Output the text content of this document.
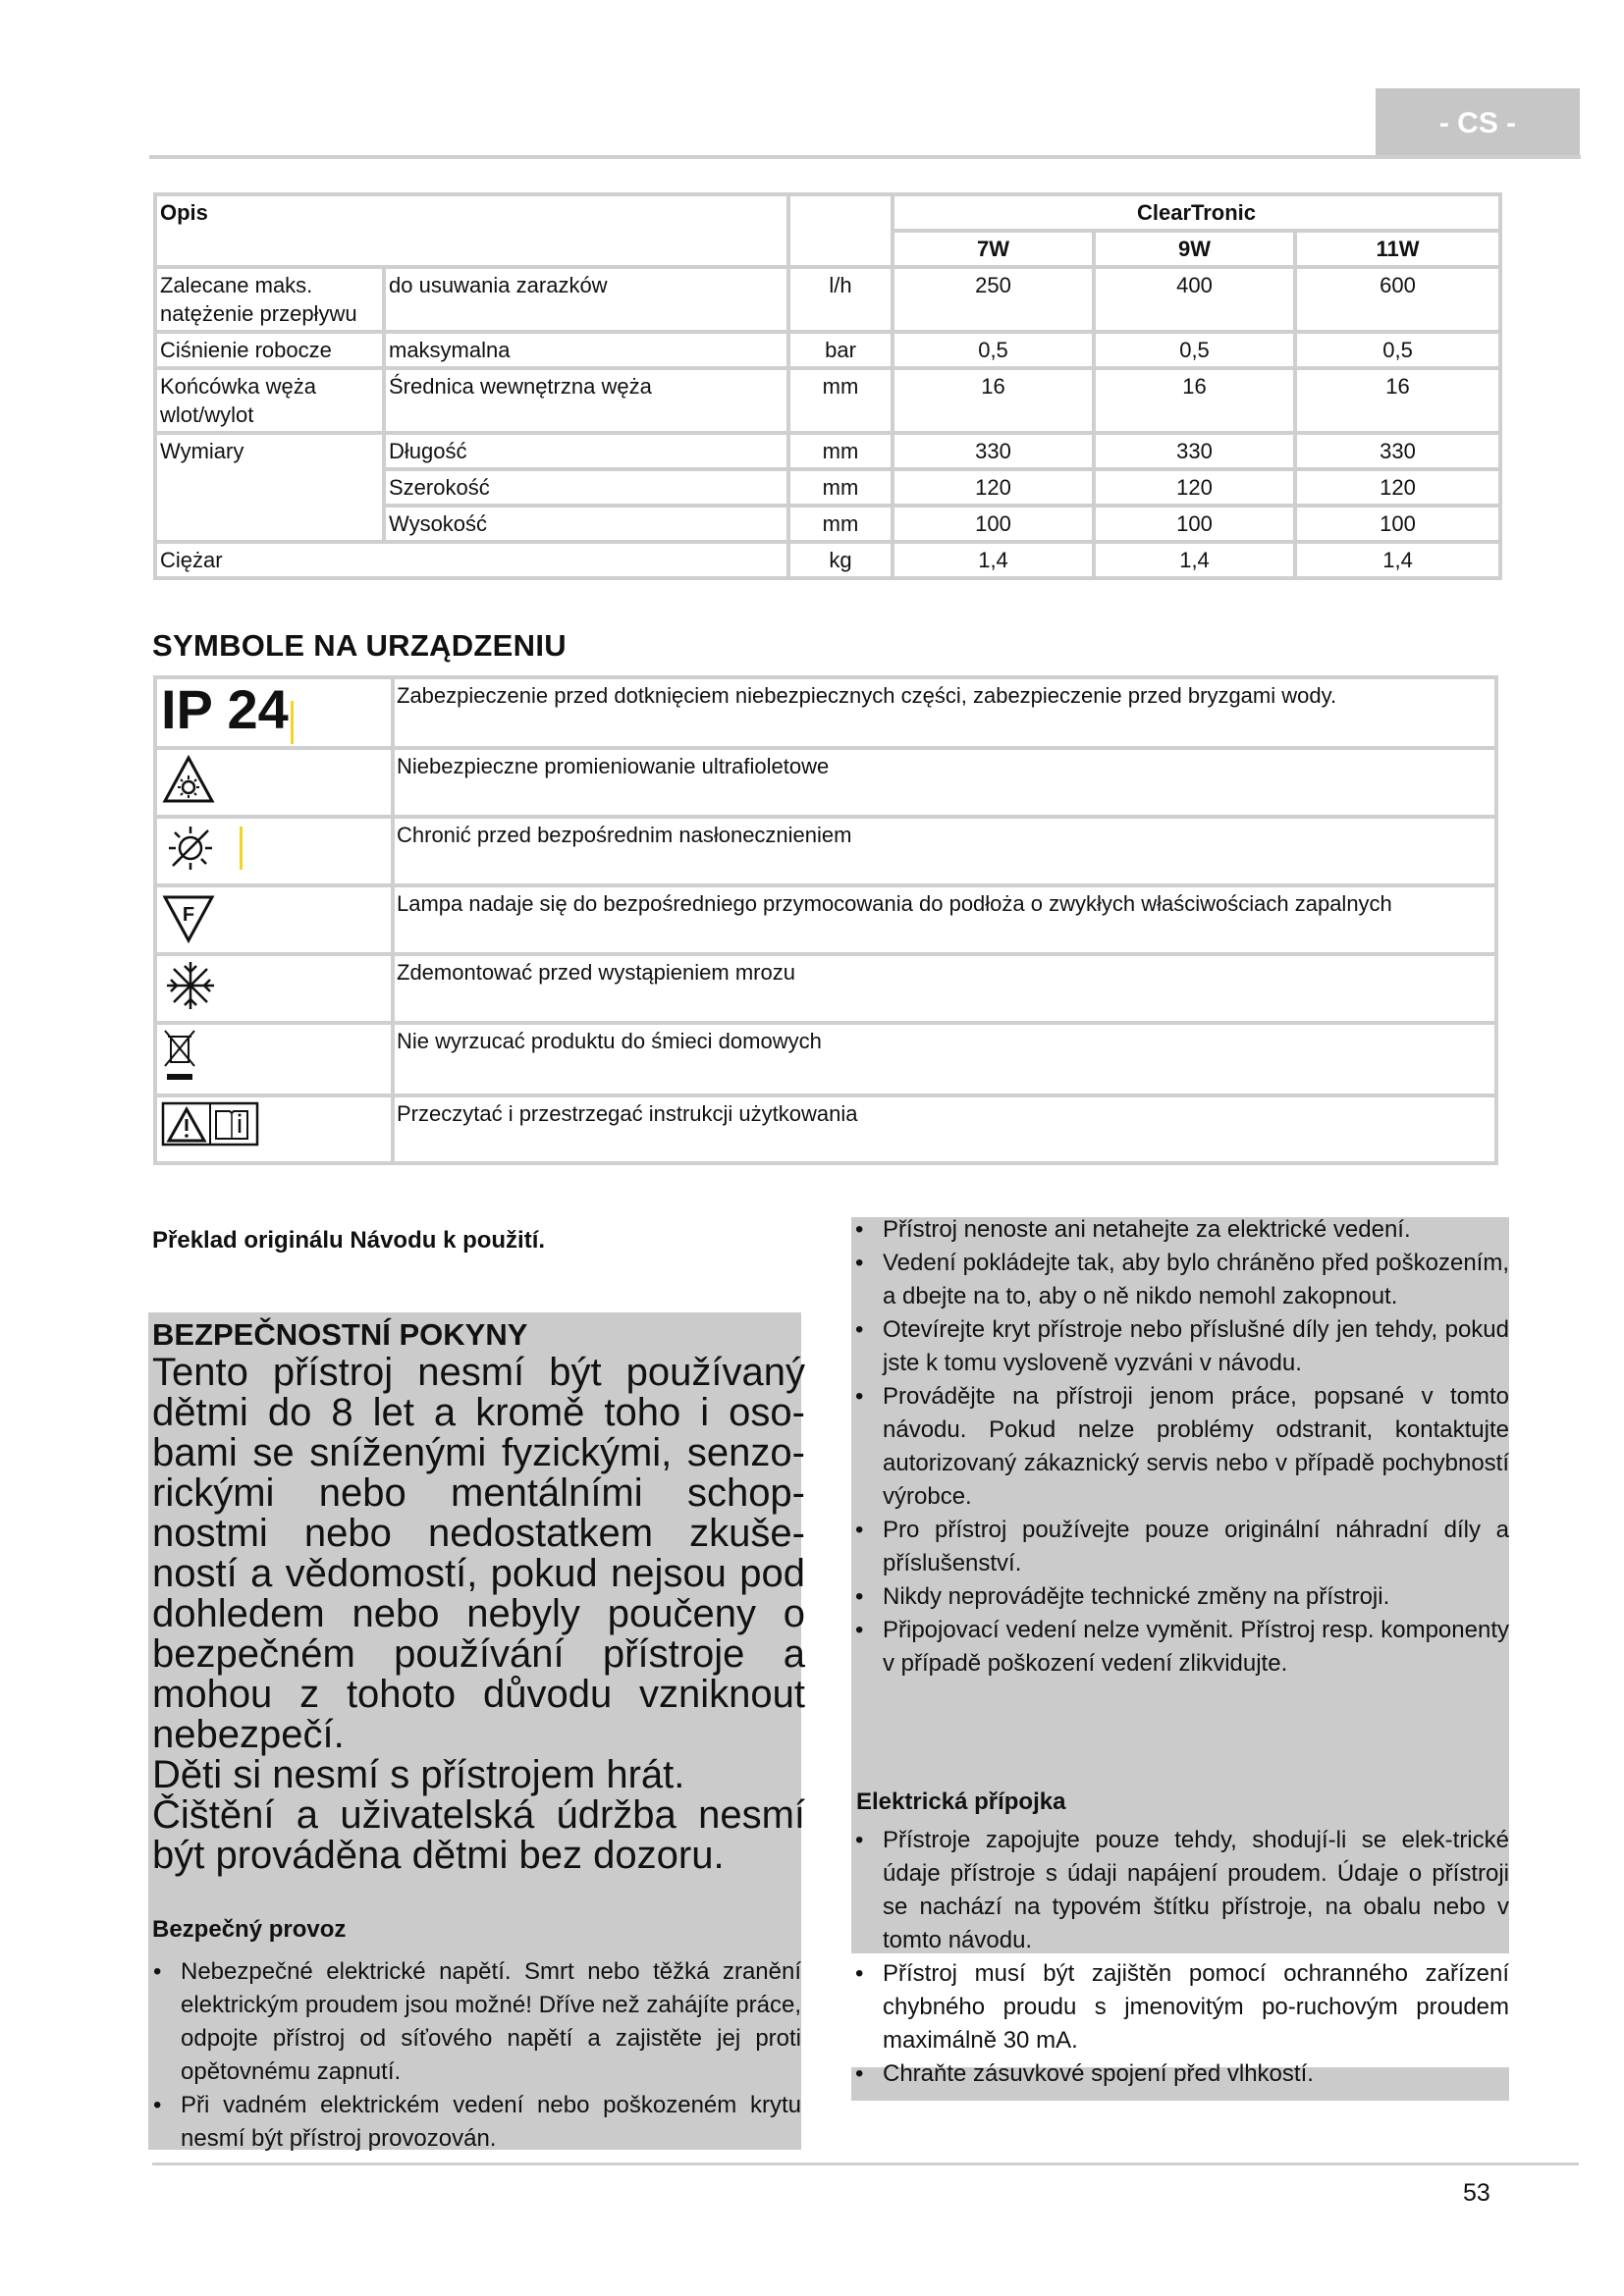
- CS -
Opis			ClearTronic		
			7W	9W	11W
Zalecane maks. natężenie przepływu	do usuwania zarazków	l/h	250	400	600
Ciśnienie robocze	maksymalna	bar	0,5	0,5	0,5
Końcówka węża wlot/wylot	Średnica wewnętrzna węża	mm	16	16	16
Wymiary	Długość	mm	330	330	330
	Szerokość	mm	120	120	120
	Wysokość	mm	100	100	100
Ciężar		kg	1,4	1,4	1,4
SYMBOLE NA URZĄDZENIU
IP 24	Zabezpieczenie przed dotknięciem niebezpiecznych części, zabezpieczenie przed bryzgami wody.
	Niebezpieczne promieniowanie ultrafioletowe
	Chronić przed bezpośrednim nasłonecznieniem

F	Lampa nadaje się do bezpośredniego przymocowania do podłoża o zwykłych właściwościach zapalnych
	Zdemontować przed wystąpieniem mrozu
	Nie wyrzucać produktu do śmieci domowych
	Przeczytać i przestrzegać instrukcji użytkowania
Překlad originálu Návodu k použití.
BEZPEČNOSTNÍ POKYNY

Tento přístroj nesmí být používaný dětmi do 8 let a kromě toho i oso-bami se sníženými fyzickými, senzo-rickými nebo mentálními schop-nostmi nebo nedostatkem zkuše-ností a vědomostí, pokud nejsou pod dohledem nebo nebyly poučeny o bezpečném používání přístroje a mohou z tohoto důvodu vzniknout nebezpečí.

Děti si nesmí s přístrojem hrát.

Čištění a uživatelská údržba nesmí být prováděna dětmi bez dozoru.

Bezpečný provoz
• Nebezpečné elektrické napětí. Smrt nebo těžká zranění elektrickým proudem jsou možné! Dříve než zahájíte práce, odpojte přístroj od síťového napětí a zajistěte jej proti opětovnému zapnutí.
• Při vadném elektrickém vedení nebo poškozeném krytu nesmí být přístroj provozován.
• Přístroj nenoste ani netahejte za elektrické vedení.
• Vedení pokládejte tak, aby bylo chráněno před poškozením, a dbejte na to, aby o ně nikdo nemohl zakopnout.
• Otevírejte kryt přístroje nebo příslušné díly jen tehdy, pokud jste k tomu vysloveně vyzváni v návodu.
• Provádějte na přístroji jenom práce, popsané v tomto návodu. Pokud nelze problémy odstranit, kontaktujte autorizovaný zákaznický servis nebo v případě pochybností výrobce.
• Pro přístroj používejte pouze originální náhradní díly a příslušenství.
• Nikdy neprovádějte technické změny na přístroji.
• Připojovací vedení nelze vyměnit. Přístroj resp. komponenty v případě poškození vedení zlikvidujte.
Elektrická přípojka
• Přístroje zapojujte pouze tehdy, shodují-li se elek-trické údaje přístroje s údaji napájení proudem. Údaje o přístroji se nachází na typovém štítku přístroje, na obalu nebo v tomto návodu.
• Přístroj musí být zajištěn pomocí ochranného zařízení chybného proudu s jmenovitým po-ruchovým proudem maximálně 30 mA.
• Chraňte zásuvkové spojení před vlhkostí.
53
